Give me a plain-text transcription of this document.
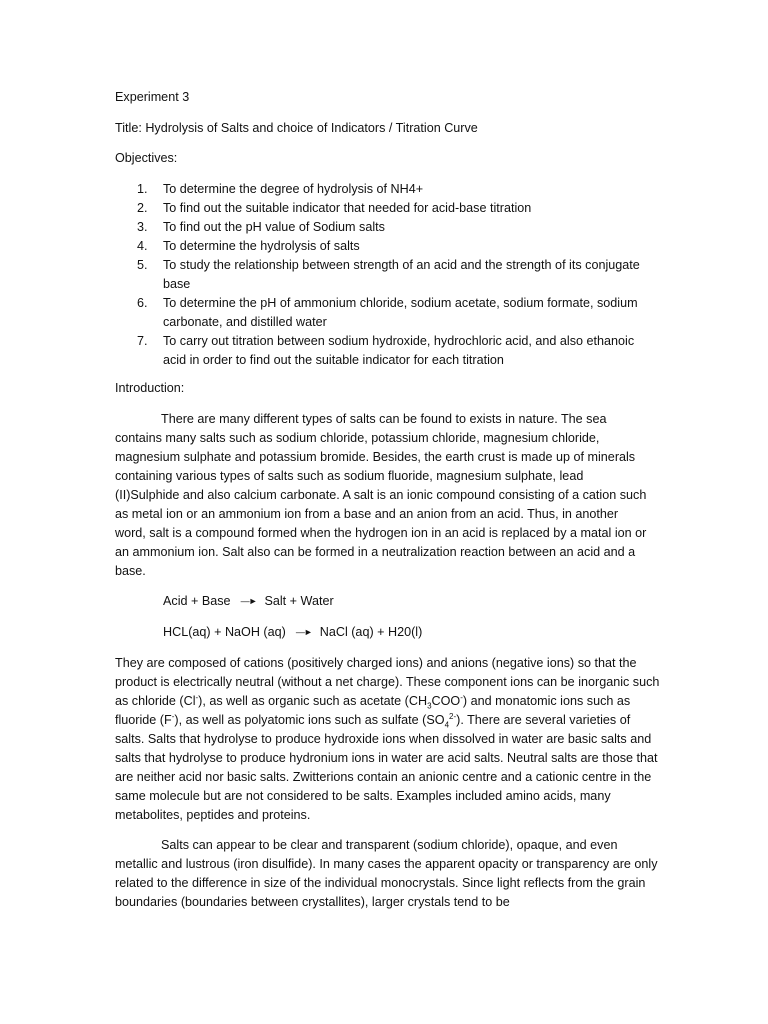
Experiment 3

Title: Hydrolysis of Salts and choice of Indicators / Titration Curve

Objectives:

1. To determine the degree of hydrolysis of NH4+
2. To find out the suitable indicator that needed for acid-base titration
3. To find out the pH value of Sodium salts
4. To determine the hydrolysis of salts
5. To study the relationship between strength of an acid and the strength of its conjugate base
6. To determine the pH of ammonium chloride, sodium acetate, sodium formate, sodium carbonate, and distilled water
7. To carry out titration between sodium hydroxide, hydrochloric acid, and also ethanoic acid in order to find out the suitable indicator for each titration

Introduction:

There are many different types of salts can be found to exists in nature. The sea contains many salts such as sodium chloride, potassium chloride, magnesium chloride, magnesium sulphate and potassium bromide. Besides, the earth crust is made up of minerals containing various types of salts such as sodium fluoride, magnesium sulphate, lead (II)Sulphide and also calcium carbonate. A salt is an ionic compound consisting of a cation such as metal ion or an ammonium ion from a base and an anion from an acid. Thus, in another word, salt is a compound formed when the hydrogen ion in an acid is replaced by a matal ion or an ammonium ion. Salt also can be formed in a neutralization reaction between an acid and a base.

Acid + Base —► Salt + Water
HCL(aq) + NaOH (aq) —► NaCl (aq) + H20(l)

They are composed of cations (positively charged ions) and anions (negative ions) so that the product is electrically neutral (without a net charge). These component ions can be inorganic such as chloride (Cl-), as well as organic such as acetate $(CH_3COO^-)$ and monatomic ions such as fluoride (F-), as well as polyatomic ions such as sulfate $(SO_4^{2-})$. There are several varieties of salts. Salts that hydrolyse to produce hydroxide ions when dissolved in water are basic salts and salts that hydrolyse to produce hydronium ions in water are acid salts. Neutral salts are those that are neither acid nor basic salts. Zwitterions contain an anionic centre and a cationic centre in the same molecule but are not considered to be salts. Examples included amino acids, many metabolites, peptides and proteins.

Salts can appear to be clear and transparent (sodium chloride), opaque, and even metallic and lustrous (iron disulfide). In many cases the apparent opacity or transparency are only related to the difference in size of the individual monocrystals. Since light reflects from the grain boundaries (boundaries between crystallites), larger crystals tend to be
